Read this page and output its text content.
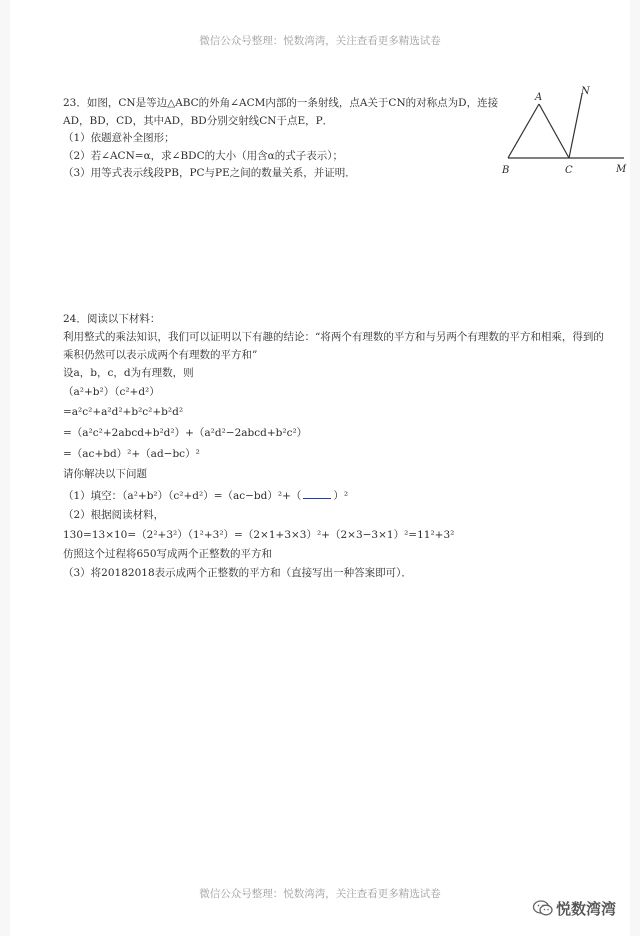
微信公众号整理：悦数湾湾，关注查看更多精选试卷
23．如图，CN是等边△ABC的外角∠ACM内部的一条射线，点A关于CN的对称点为D，连接
AD，BD，CD，其中AD，BD分别交射线CN于点E，P．
（1）依题意补全图形；
（2）若∠ACN=α，求∠BDC的大小（用含α的式子表示）；
（3）用等式表示线段PB，PC与PE之间的数量关系，并证明．
A
N
B	C	M
24．阅读以下材料：
利用整式的乘法知识，我们可以证明以下有趣的结论：“将两个有理数的平方和与另两个有理数的平方和相乘，得到的
乘积仍然可以表示成两个有理数的平方和”
设a，b，c，d为有理数，则
（a²+b²）（c²+d²）
=a²c²+a²d²+b²c²+b²d²
=（a²c²+2abcd+b²d²）+（a²d²−2abcd+b²c²）
=（ac+bd）²+（ad−bc）²
请你解决以下问题
（1）填空：（a²+b²）（c²+d²）=（ac−bd）²+（	）²
（2）根据阅读材料，
130=13×10=（2²+3²）（1²+3²）=（2×1+3×3）²+（2×3−3×1）²=11²+3²
仿照这个过程将650写成两个正整数的平方和
（3）将20182018表示成两个正整数的平方和（直接写出一种答案即可）．
微信公众号整理：悦数湾湾，关注查看更多精选试卷
悦数湾湾
